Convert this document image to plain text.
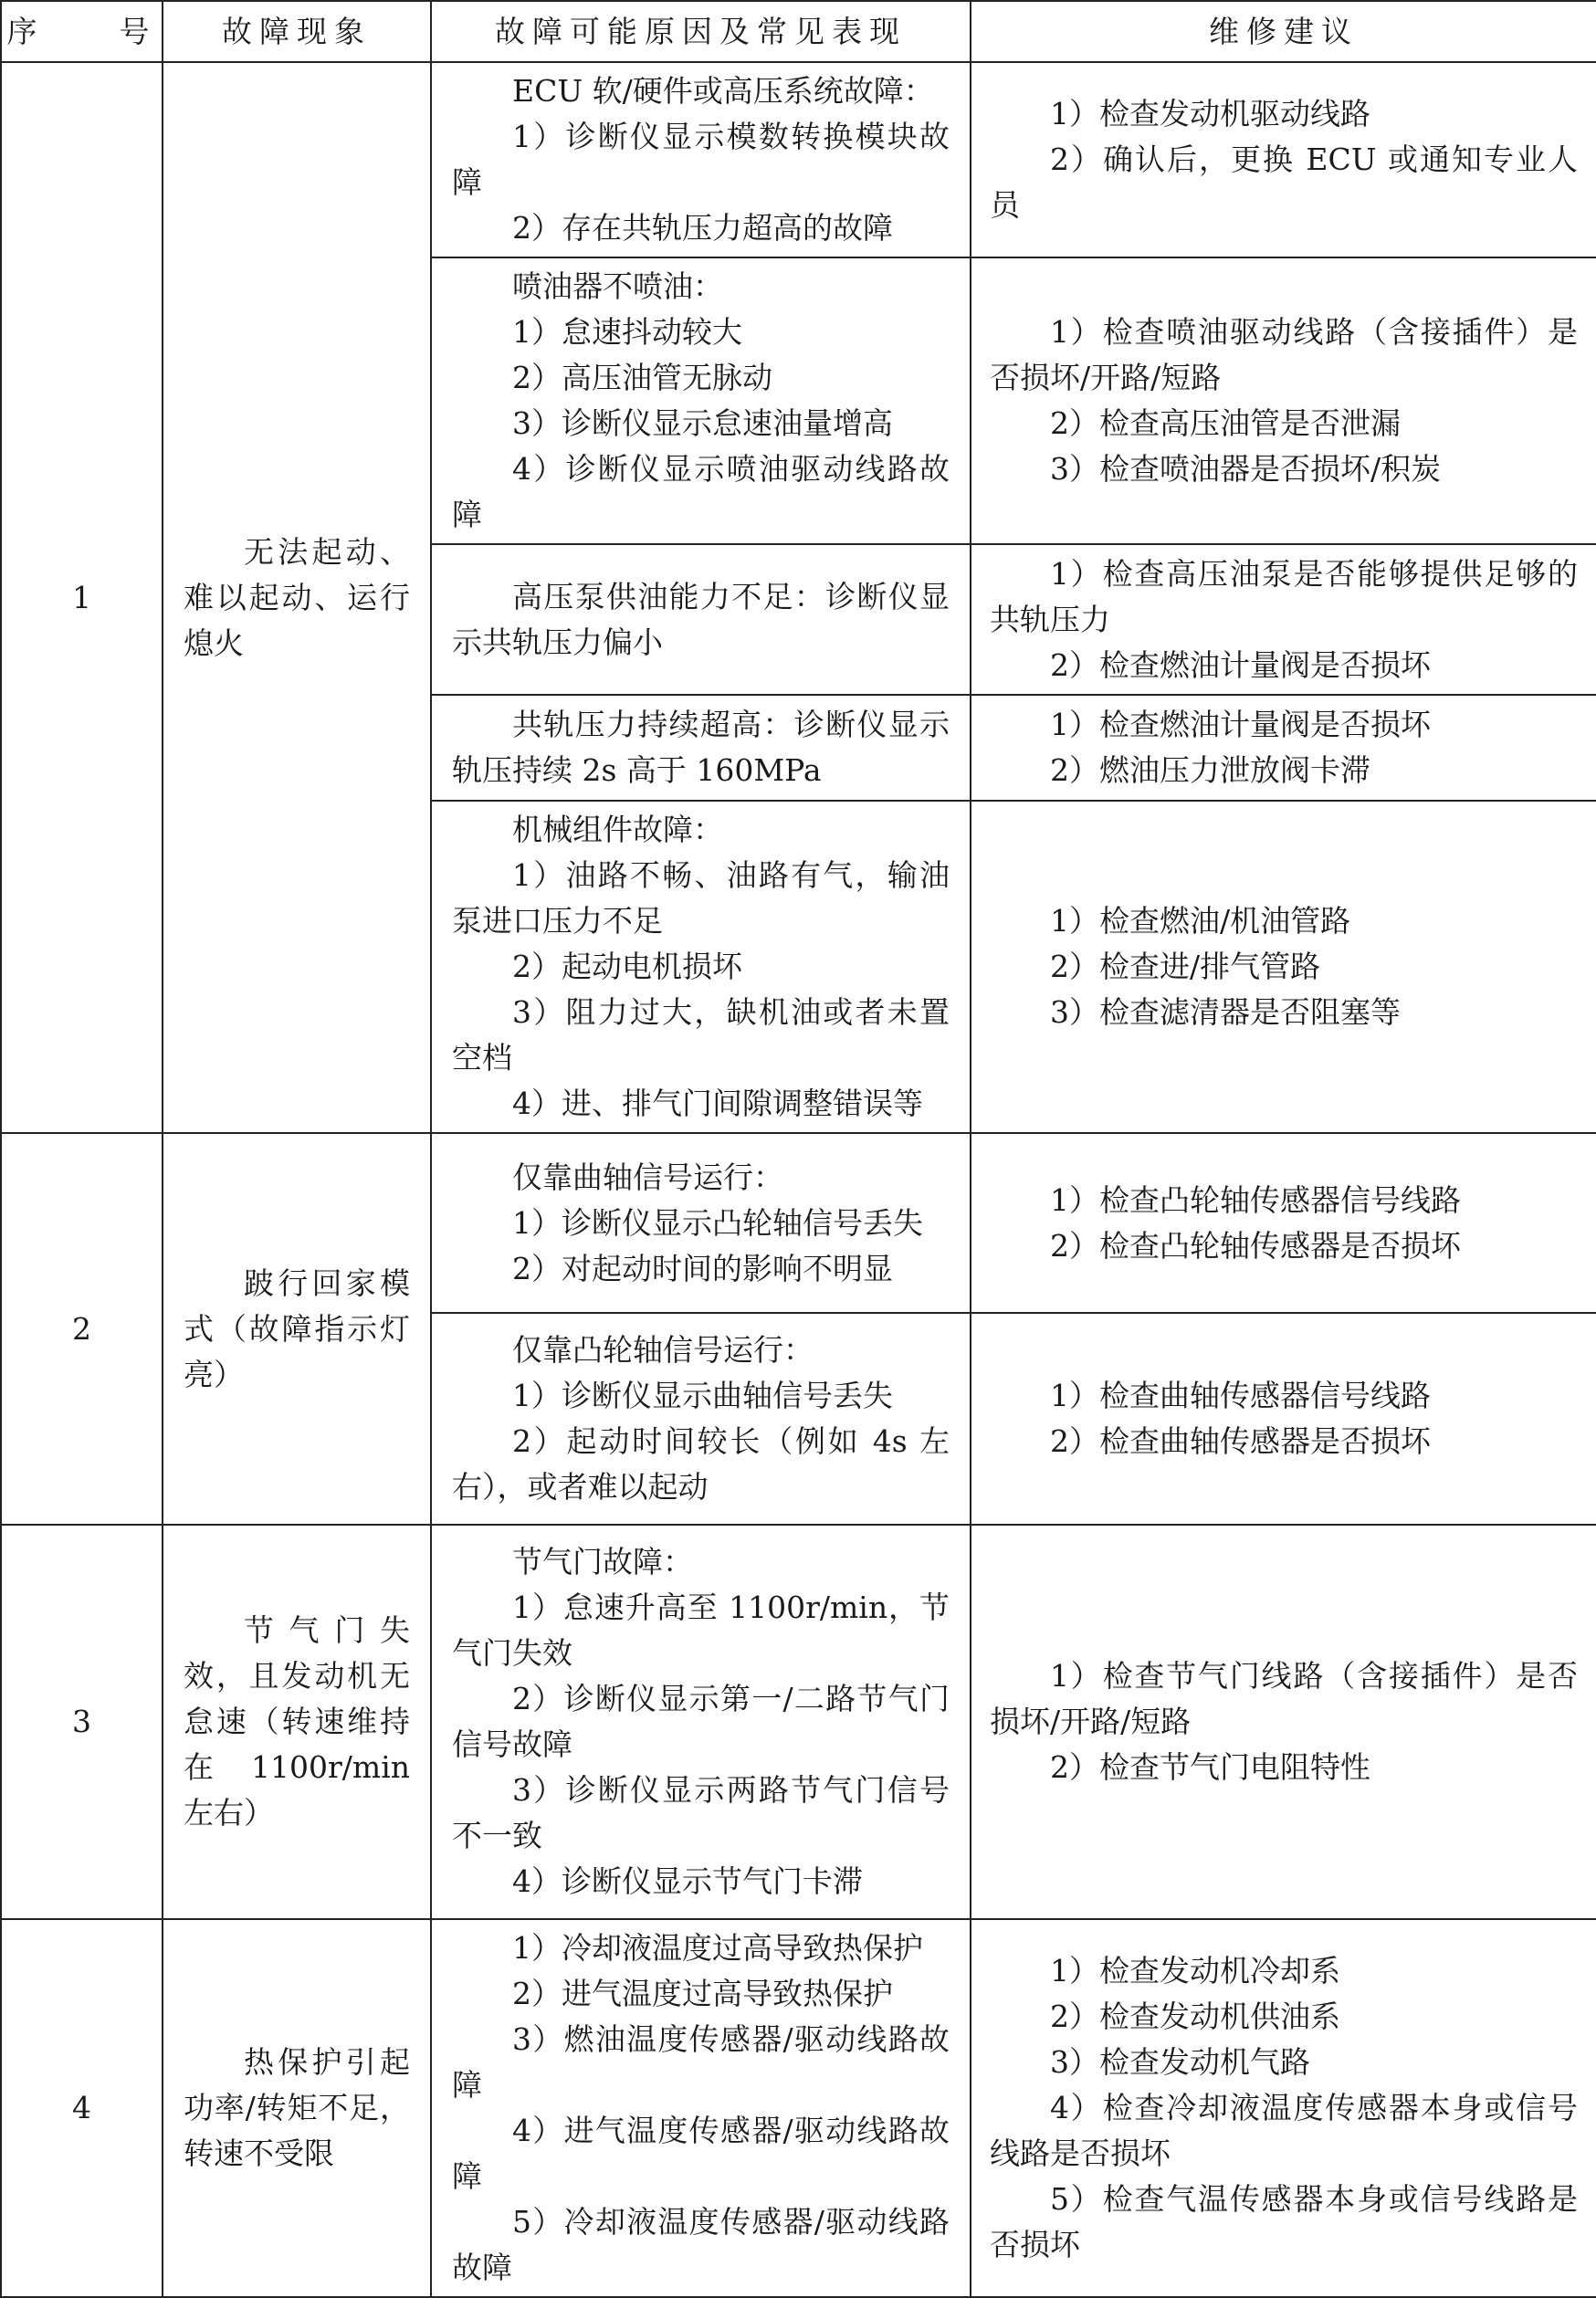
序　　号	故障现象	故障可能原因及常见表现	维修建议
1	无法起动、难以起动、运行熄火	ECU 软/硬件或高压系统故障：
1）诊断仪显示模数转换模块故障
2）存在共轨压力超高的故障	1）检查发动机驱动线路
2）确认后，更换 ECU 或通知专业人员

		喷油器不喷油：
1）怠速抖动较大
2）高压油管无脉动
3）诊断仪显示怠速油量增高
4）诊断仪显示喷油驱动线路故障	1）检查喷油驱动线路（含接插件）是否损坏/开路/短路
2）检查高压油管是否泄漏
3）检查喷油器是否损坏/积炭

		高压泵供油能力不足：诊断仪显示共轨压力偏小	1）检查高压油泵是否能够提供足够的共轨压力
2）检查燃油计量阀是否损坏

		共轨压力持续超高：诊断仪显示轨压持续 2s 高于 160MPa	1）检查燃油计量阀是否损坏
2）燃油压力泄放阀卡滞

		机械组件故障：
1）油路不畅、油路有气，输油泵进口压力不足
2）起动电机损坏
3）阻力过大，缺机油或者未置空档
4）进、排气门间隙调整错误等	1）检查燃油/机油管路
2）检查进/排气管路
3）检查滤清器是否阻塞等

2	跛行回家模式（故障指示灯亮）	仅靠曲轴信号运行：
1）诊断仪显示凸轮轴信号丢失
2）对起动时间的影响不明显	1）检查凸轮轴传感器信号线路
2）检查凸轮轴传感器是否损坏

		仅靠凸轮轴信号运行：
1）诊断仪显示曲轴信号丢失
2）起动时间较长（例如 4s 左右），或者难以起动	1）检查曲轴传感器信号线路
2）检查曲轴传感器是否损坏

3	节气门失效，且发动机无怠速（转速维持在 1100r/min 左右）	节气门故障：
1）怠速升高至 1100r/min，节气门失效
2）诊断仪显示第一/二路节气门信号故障
3）诊断仪显示两路节气门信号不一致
4）诊断仪显示节气门卡滞	1）检查节气门线路（含接插件）是否损坏/开路/短路
2）检查节气门电阻特性

4	热保护引起功率/转矩不足，转速不受限	1）冷却液温度过高导致热保护
2）进气温度过高导致热保护
3）燃油温度传感器/驱动线路故障
4）进气温度传感器/驱动线路故障
5）冷却液温度传感器/驱动线路故障	1）检查发动机冷却系
2）检查发动机供油系
3）检查发动机气路
4）检查冷却液温度传感器本身或信号线路是否损坏
5）检查气温传感器本身或信号线路是否损坏
